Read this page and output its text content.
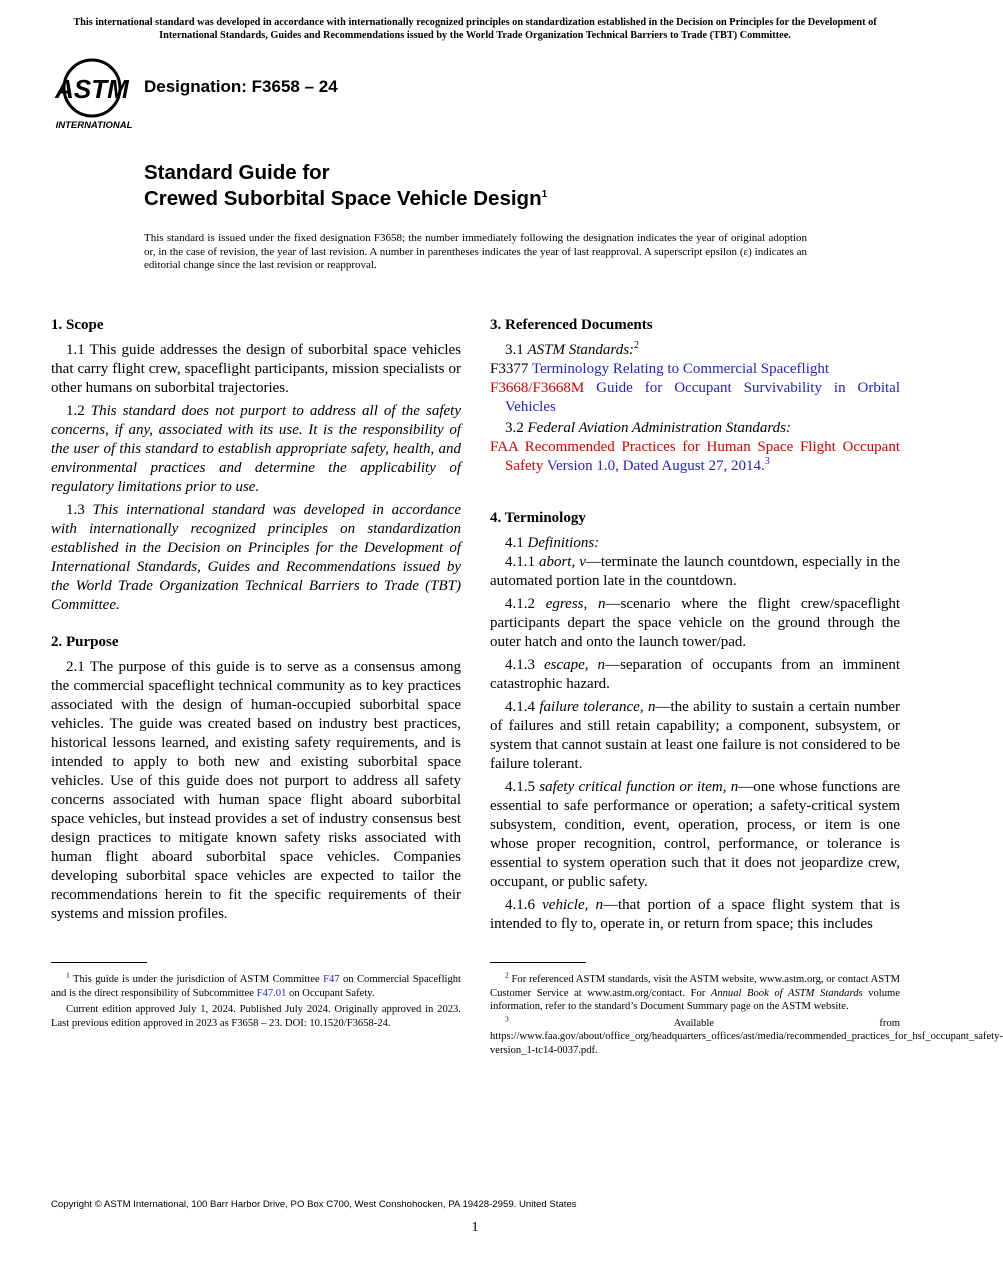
This international standard was developed in accordance with internationally recognized principles on standardization established in the Decision on Principles for the Development of International Standards, Guides and Recommendations issued by the World Trade Organization Technical Barriers to Trade (TBT) Committee.
ASTM
INTERNATIONAL
Designation: F3658 – 24
Standard Guide for
Crewed Suborbital Space Vehicle Design$^1$
This standard is issued under the fixed designation F3658; the number immediately following the designation indicates the year of original adoption or, in the case of revision, the year of last revision. A number in parentheses indicates the year of last reapproval. A superscript epsilon (ε) indicates an editorial change since the last revision or reapproval.
1. Scope

1.1 This guide addresses the design of suborbital space vehicles that carry flight crew, spaceflight participants, mission specialists or other humans on suborbital trajectories.

1.2 This standard does not purport to address all of the safety concerns, if any, associated with its use. It is the responsibility of the user of this standard to establish appropriate safety, health, and environmental practices and determine the applicability of regulatory limitations prior to use.

1.3 This international standard was developed in accordance with internationally recognized principles on standardization established in the Decision on Principles for the Development of International Standards, Guides and Recommendations issued by the World Trade Organization Technical Barriers to Trade (TBT) Committee.

2. Purpose

2.1 The purpose of this guide is to serve as a consensus among the commercial spaceflight technical community as to key practices associated with the design of human-occupied suborbital space vehicles. The guide was created based on industry best practices, historical lessons learned, and existing safety requirements, and is intended to apply to both new and existing suborbital space vehicles. Use of this guide does not purport to address all safety concerns associated with human space flight aboard suborbital space vehicles, but instead provides a set of industry consensus best design practices to mitigate known safety risks associated with human flight aboard suborbital space vehicles. Companies developing suborbital space vehicles are expected to tailor the recommendations herein to fit the specific requirements of their systems and mission profiles.

3. Referenced Documents

3.1 ASTM Standards:$^2$

F3377 Terminology Relating to Commercial Spaceflight
F3668/F3668M Guide for Occupant Survivability in Orbital Vehicles

3.2 Federal Aviation Administration Standards:

FAA Recommended Practices for Human Space Flight Occupant Safety Version 1.0, Dated August 27, 2014.$^3$
4. Terminology

4.1 Definitions:

4.1.1 abort, v—terminate the launch countdown, especially in the automated portion late in the countdown.

4.1.2 egress, n—scenario where the flight crew/spaceflight participants depart the space vehicle on the ground through the outer hatch and onto the launch tower/pad.

4.1.3 escape, n—separation of occupants from an imminent catastrophic hazard.

4.1.4 failure tolerance, n—the ability to sustain a certain number of failures and still retain capability; a component, subsystem, or system that cannot sustain at least one failure is not considered to be failure tolerant.

4.1.5 safety critical function or item, n—one whose functions are essential to safe performance or operation; a safety-critical system subsystem, condition, event, operation, process, or item is one whose proper recognition, control, performance, or tolerance is essential to system operation such that it does not jeopardize crew, occupant, or public safety.

4.1.6 vehicle, n—that portion of a space flight system that is intended to fly to, operate in, or return from space; this includes

$^1$ This guide is under the jurisdiction of ASTM Committee F47 on Commercial Spaceflight and is the direct responsibility of Subcommittee F47.01 on Occupant Safety.

Current edition approved July 1, 2024. Published July 2024. Originally approved in 2023. Last previous edition approved in 2023 as F3658 – 23. DOI: 10.1520/F3658-24.

$^2$ For referenced ASTM standards, visit the ASTM website, www.astm.org, or contact ASTM Customer Service at www.astm.org/contact. For Annual Book of ASTM Standards volume information, refer to the standard’s Document Summary page on the ASTM website.

$^3$	Available from https://www.faa.gov/about/office_org/headquarters_offices/ast/media/recommended_practices_for_hsf_occupant_safety-version_1-tc14-0037.pdf.

Copyright © ASTM International, 100 Barr Harbor Drive, PO Box C700, West Conshohocken, PA 19428-2959. United States
1
